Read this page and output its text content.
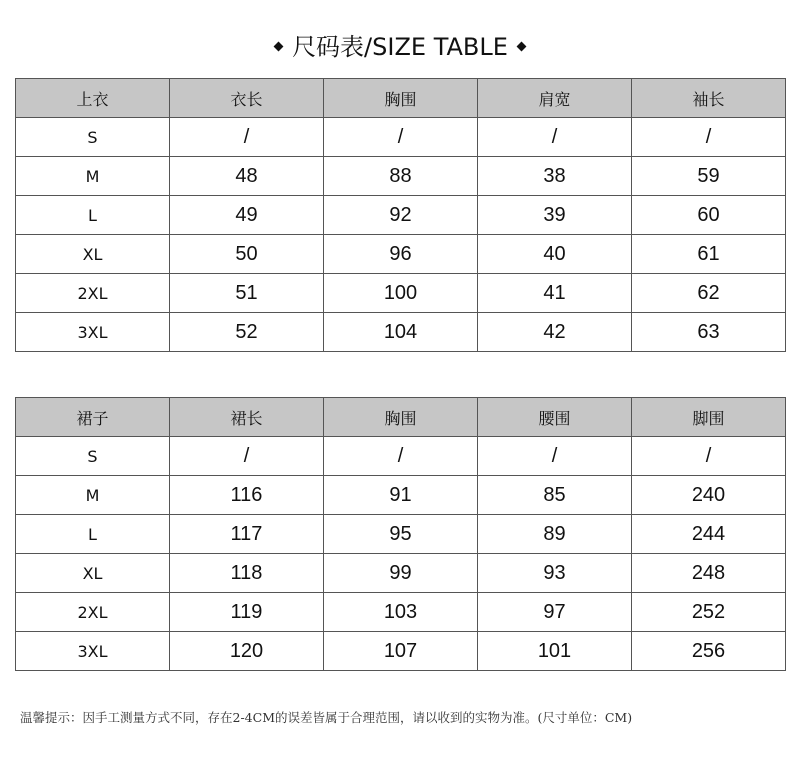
尺码表/SIZE TABLE
上衣	衣长	胸围	肩宽	袖长
S	/	/	/	/
M	48	88	38	59
L	49	92	39	60
XL	50	96	40	61
2XL	51	100	41	62
3XL	52	104	42	63
裙子	裙长	胸围	腰围	脚围
S	/	/	/	/
M	116	91	85	240
L	117	95	89	244
XL	118	99	93	248
2XL	119	103	97	252
3XL	120	107	101	256
温馨提示：因手工测量方式不同，存在2-4CM的误差皆属于合理范围，请以收到的实物为准。(尺寸单位：CM)
